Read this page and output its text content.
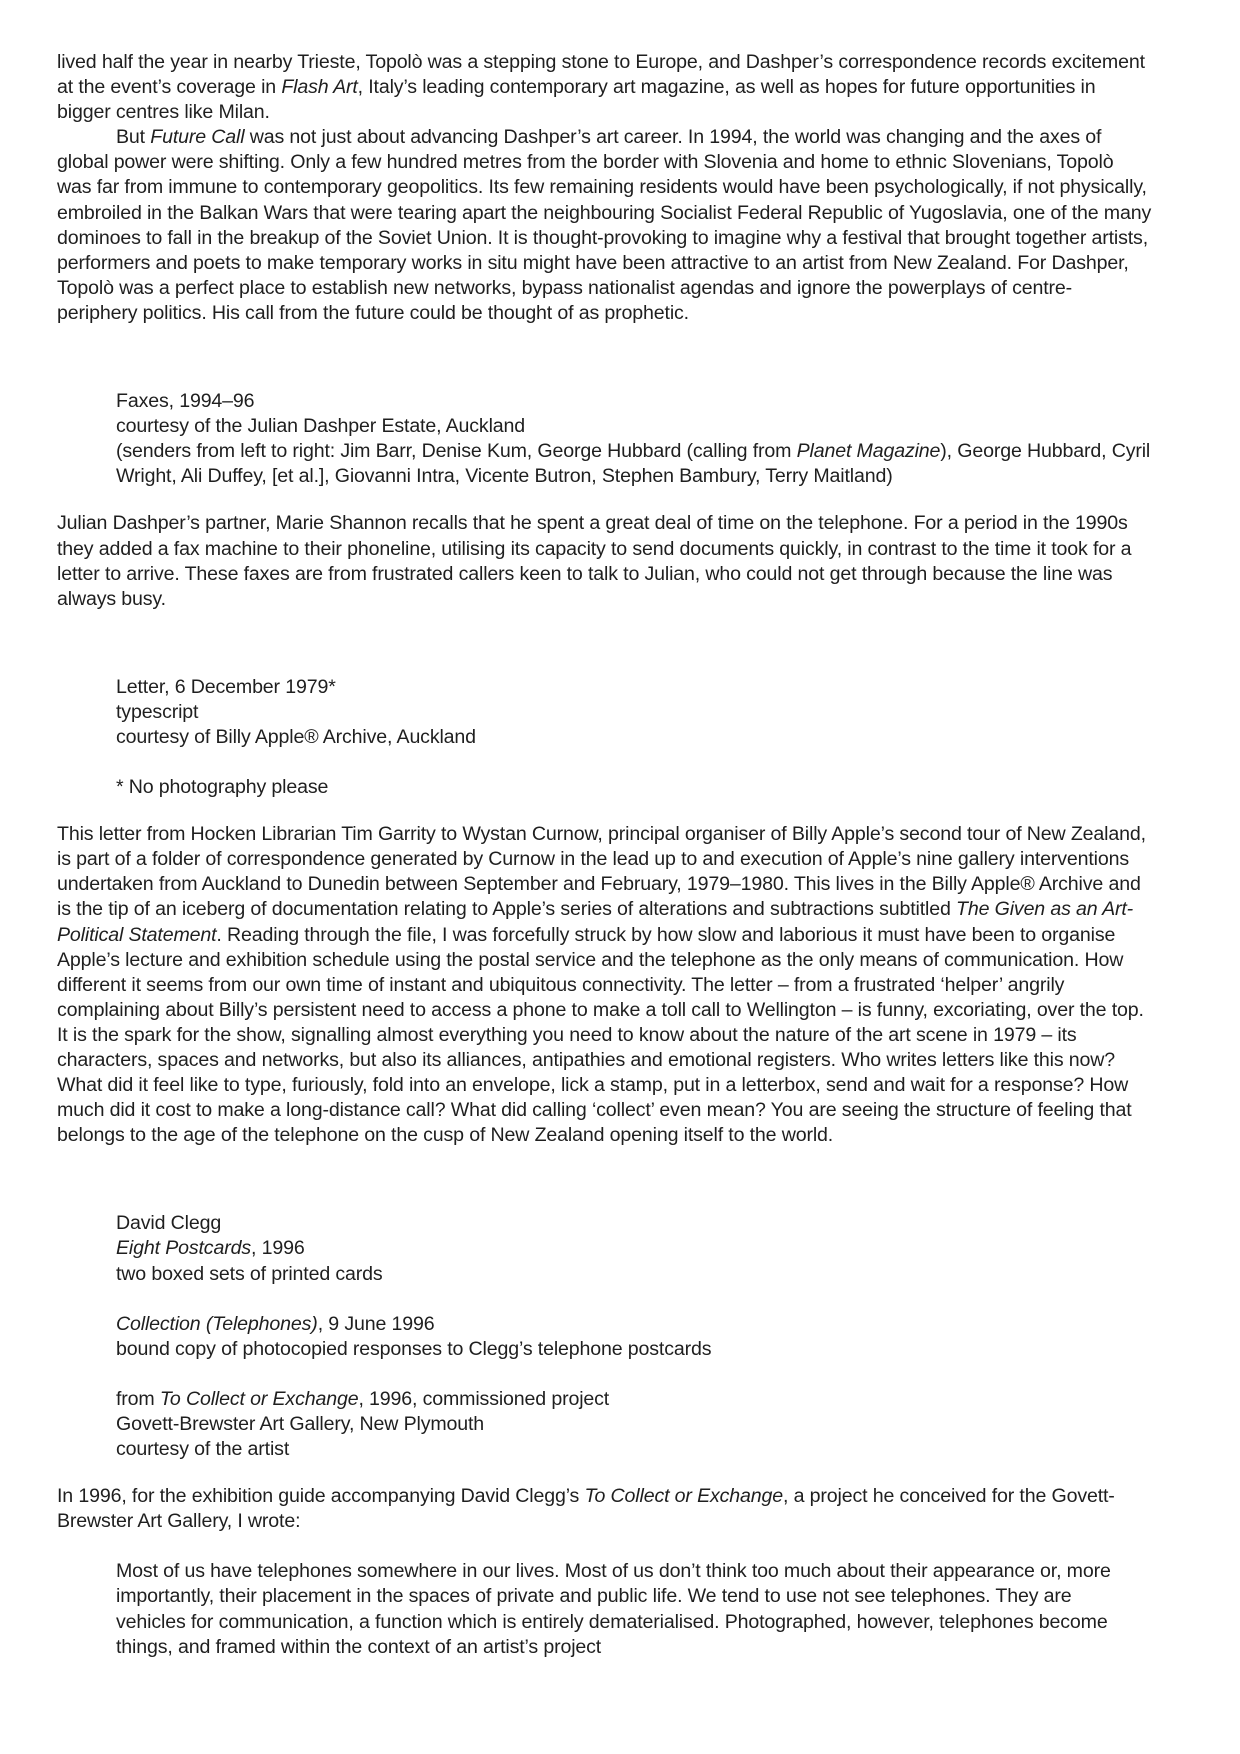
lived half the year in nearby Trieste, Topolò was a stepping stone to Europe, and Dashper’s correspondence records excitement at the event’s coverage in Flash Art, Italy’s leading contemporary art magazine, as well as hopes for future opportunities in bigger centres like Milan.

But Future Call was not just about advancing Dashper’s art career. In 1994, the world was changing and the axes of global power were shifting. Only a few hundred metres from the border with Slovenia and home to ethnic Slovenians, Topolò was far from immune to contemporary geopolitics. Its few remaining residents would have been psychologically, if not physically, embroiled in the Balkan Wars that were tearing apart the neighbouring Socialist Federal Republic of Yugoslavia, one of the many dominoes to fall in the breakup of the Soviet Union. It is thought-provoking to imagine why a festival that brought together artists, performers and poets to make temporary works in situ might have been attractive to an artist from New Zealand. For Dashper, Topolò was a perfect place to establish new networks, bypass nationalist agendas and ignore the powerplays of centre-periphery politics. His call from the future could be thought of as prophetic.

Faxes, 1994–96
courtesy of the Julian Dashper Estate, Auckland
(senders from left to right: Jim Barr, Denise Kum, George Hubbard (calling from Planet Magazine), George Hubbard, Cyril Wright, Ali Duffey, [et al.], Giovanni Intra, Vicente Butron, Stephen Bambury, Terry Maitland)

Julian Dashper’s partner, Marie Shannon recalls that he spent a great deal of time on the telephone. For a period in the 1990s they added a fax machine to their phoneline, utilising its capacity to send documents quickly, in contrast to the time it took for a letter to arrive. These faxes are from frustrated callers keen to talk to Julian, who could not get through because the line was always busy.

Letter, 6 December 1979*
typescript
courtesy of Billy Apple® Archive, Auckland
* No photography please

This letter from Hocken Librarian Tim Garrity to Wystan Curnow, principal organiser of Billy Apple’s second tour of New Zealand, is part of a folder of correspondence generated by Curnow in the lead up to and execution of Apple’s nine gallery interventions undertaken from Auckland to Dunedin between September and February, 1979–1980. This lives in the Billy Apple® Archive and is the tip of an iceberg of documentation relating to Apple’s series of alterations and subtractions subtitled The Given as an Art-Political Statement. Reading through the file, I was forcefully struck by how slow and laborious it must have been to organise Apple’s lecture and exhibition schedule using the postal service and the telephone as the only means of communication. How different it seems from our own time of instant and ubiquitous connectivity. The letter – from a frustrated ‘helper’ angrily complaining about Billy’s persistent need to access a phone to make a toll call to Wellington – is funny, excoriating, over the top. It is the spark for the show, signalling almost everything you need to know about the nature of the art scene in 1979 – its characters, spaces and networks, but also its alliances, antipathies and emotional registers. Who writes letters like this now? What did it feel like to type, furiously, fold into an envelope, lick a stamp, put in a letterbox, send and wait for a response? How much did it cost to make a long-distance call? What did calling ‘collect’ even mean? You are seeing the structure of feeling that belongs to the age of the telephone on the cusp of New Zealand opening itself to the world.

David Clegg
Eight Postcards, 1996
two boxed sets of printed cards
Collection (Telephones), 9 June 1996
bound copy of photocopied responses to Clegg’s telephone postcards
from To Collect or Exchange, 1996, commissioned project
Govett-Brewster Art Gallery, New Plymouth
courtesy of the artist

In 1996, for the exhibition guide accompanying David Clegg’s To Collect or Exchange, a project he conceived for the Govett-Brewster Art Gallery, I wrote:

Most of us have telephones somewhere in our lives. Most of us don’t think too much about their appearance or, more importantly, their placement in the spaces of private and public life. We tend to use not see telephones. They are vehicles for communication, a function which is entirely dematerialised. Photographed, however, telephones become things, and framed within the context of an artist’s project
